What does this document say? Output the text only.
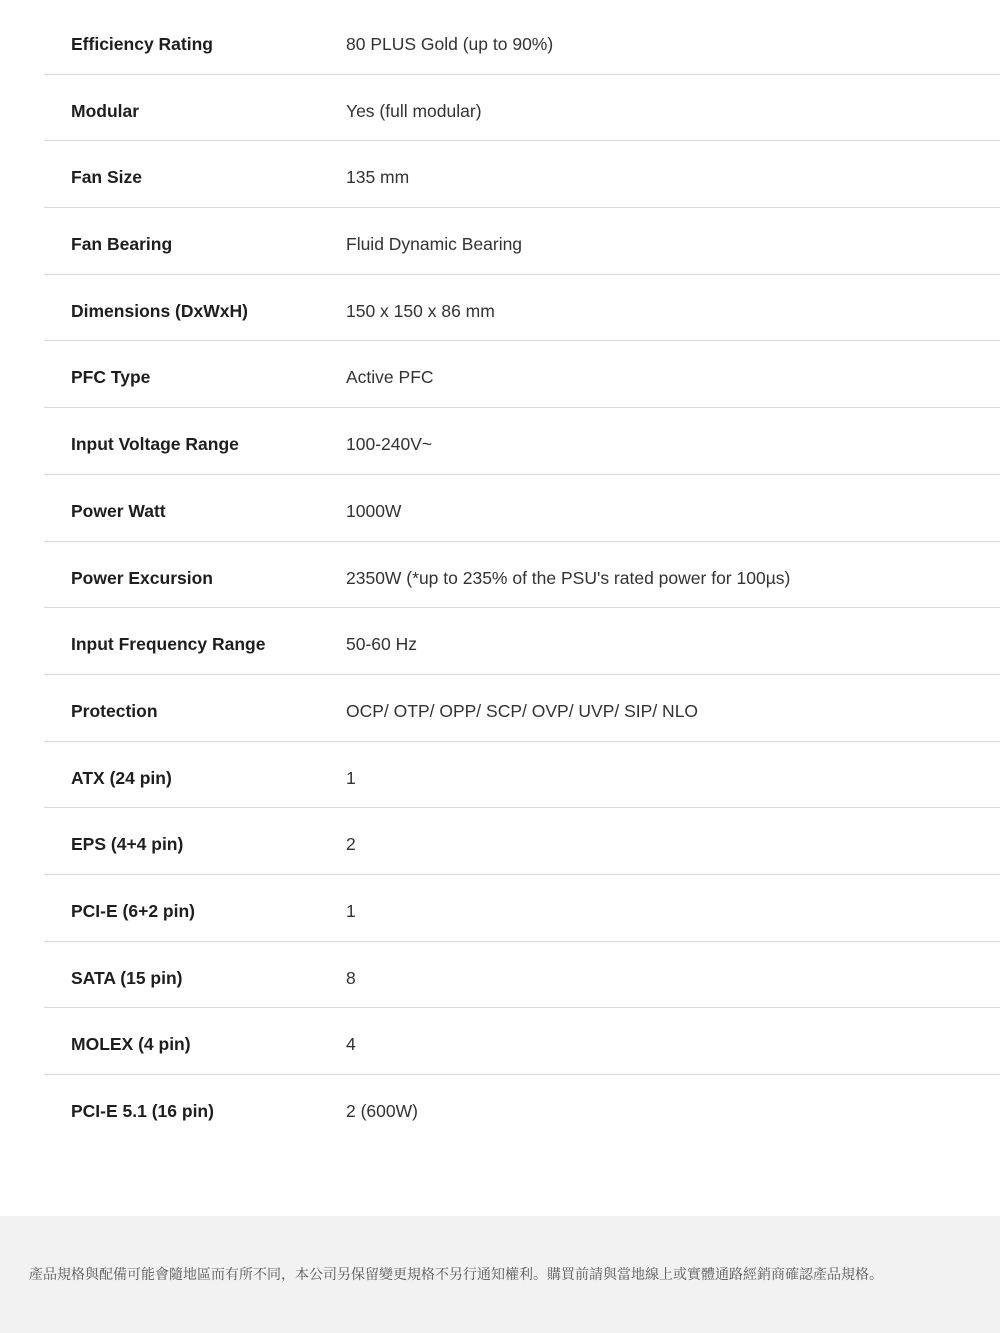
Efficiency Rating	80 PLUS Gold (up to 90%)
Modular	Yes (full modular)
Fan Size	135 mm
Fan Bearing	Fluid Dynamic Bearing
Dimensions (DxWxH)	150 x 150 x 86 mm
PFC Type	Active PFC
Input Voltage Range	100-240V~
Power Watt	1000W
Power Excursion	2350W (*up to 235% of the PSU's rated power for 100µs)
Input Frequency Range	50-60 Hz
Protection	OCP/ OTP/ OPP/ SCP/ OVP/ UVP/ SIP/ NLO
ATX (24 pin)	1
EPS (4+4 pin)	2
PCI-E (6+2 pin)	1
SATA (15 pin)	8
MOLEX (4 pin)	4
PCI-E 5.1 (16 pin)	2 (600W)
產品規格與配備可能會隨地區而有所不同，本公司另保留變更規格不另行通知權利。購買前請與當地線上或實體通路經銷商確認產品規格。
